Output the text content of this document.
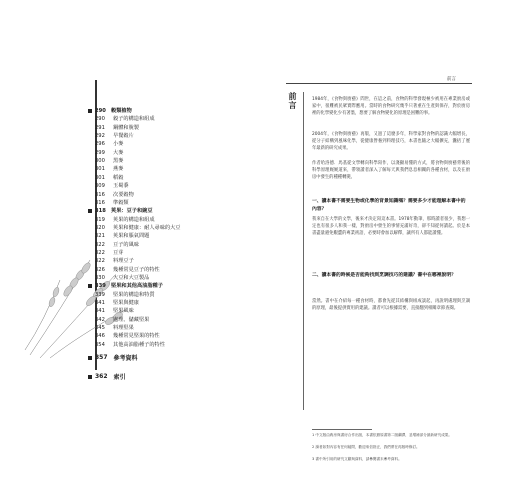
290 穀類植物
290	穀子的構造和組成
291	鋼體和脫製
292	早餐穀片
296	小麥
299	大麥
300	黑麥
301	燕麥
301	稻穀
309	玉蜀黍
316	次要穀物
316	準穀類
318 莢果：豆子和豌豆
319	莢果的構造和組成
320	莢果和健康：耐人尋味的大豆
321	莢果和脹氣問題
322	豆子的風味
322	豆芽
322	料理豆子
326	幾種常見豆子的特性
330	大豆和大豆製品
339 堅果和其他高油脂種子
339	堅果的構造和特質
341	堅果與健康
341	堅果風味
342	處理、儲藏堅果
345	料理堅果
346	幾種常見堅果的特性
354	其他高油脂種子的特性
前言
前言	1984年，《食物與廚藝》問世，在這之前，食物的科學發現極少被用在專業廚房或家中，很難被民眾實際應用。當時的食物研究幾乎只著重在生產與保存，對於廚房裡的化學變化少有著墨，想要了解食物變化的原理是困難的事。
2004年，《食物與廚藝》再版，又過了這麼多年，科學家對食物的認識大幅增長，從分子結構到風味化學，從健康營養到料理技巧，本書也隨之大幅擴充，囊括了歷年最新的研究成果。
作者哈洛德．馬基從文學轉向科學寫作，以淺顯易懂的方式，將食物與廚藝背後的科學原理娓娓道來，帶領讀者深入了解每天與我們息息相關的各種食材，以及在廚房中發生的種種轉變。
一、讀本書不需要生物或化學的背景知識嗎？需要多少才能理解本書中的內容？
我來自在大學的文學，後來才決定寫這本書。1978年動筆，那時讀者很少，我想一定也有很多人和我一樣，對廚房中發生的事情充滿好奇，卻不知從何讀起。於是本書盡量避免艱澀的專業術語，必要時會加以解釋，讓所有人都能讀懂。
二、讀本書的時候是否能夠找到烹調技巧的建議？書中在哪裡說明？
當然。書中在介紹每一種食材時，都會先從其結構與組成談起，再說明處理與烹調的原理，最後提供實用的建議。讀者可以根據需要，直接翻到相關章節查閱。
1 中文版由廚房與書房合作出版，本書依據原書第二版翻譯，並增補部分最新研究成果。
2 讀者如對內容有任何疑問，歡迎來信指正，我們將在再版時修訂。
3 書中所引用的研究文獻與資料，請參閱書末參考資料。
357 參考資料
362 索引
